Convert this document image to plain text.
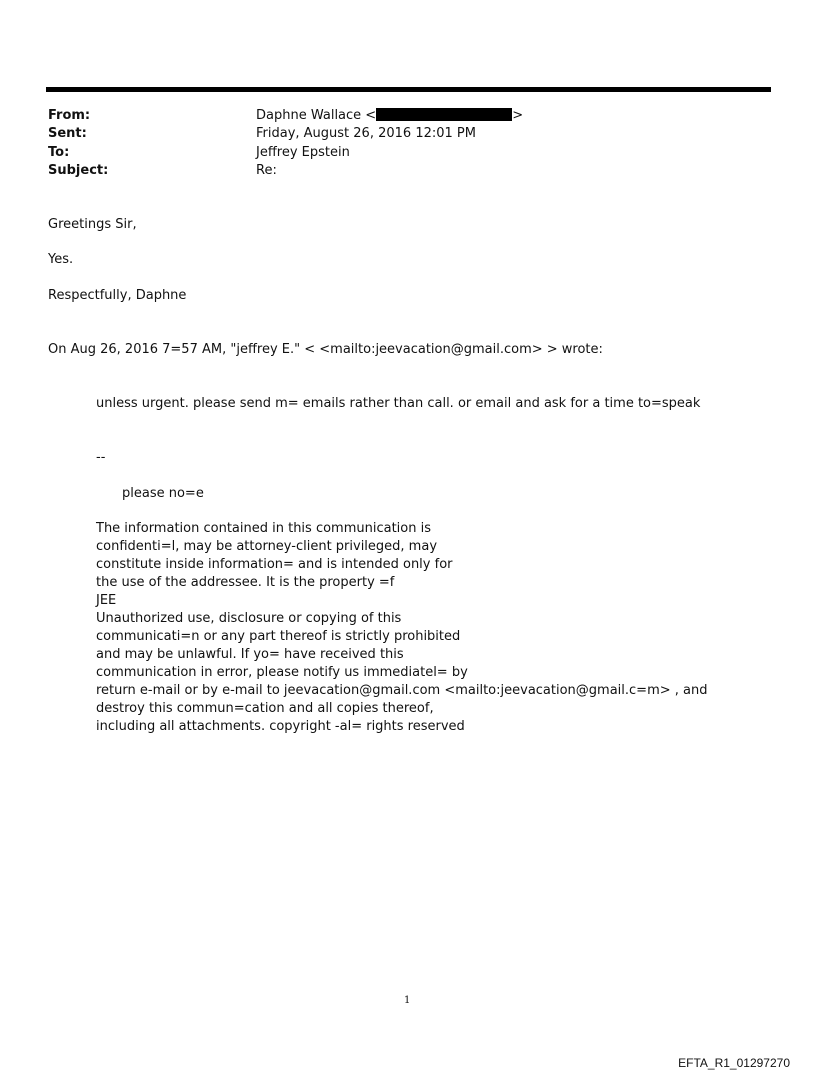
From:	Daphne Wallace <	>
Sent:	Friday, August 26, 2016 12:01 PM
To:	Jeffrey Epstein
Subject:	Re:
Greetings Sir,
Yes.
Respectfully, Daphne
On Aug 26, 2016 7=57 AM, "jeffrey E." < <mailto:jeevacation@gmail.com> > wrote:
unless urgent. please send m= emails rather than call. or email and ask for a time to=speak
--
please no=e
The information contained in this communication is
confidenti=l, may be attorney-client privileged, may
constitute inside information= and is intended only for
the use of the addressee. It is the property =f
JEE
Unauthorized use, disclosure or copying of this
communicati=n or any part thereof is strictly prohibited
and may be unlawful. If yo= have received this
communication in error, please notify us immediatel= by
return e-mail or by e-mail to jeevacation@gmail.com <mailto:jeevacation@gmail.c=m> , and
destroy this commun=cation and all copies thereof,
including all attachments. copyright -al= rights reserved
1
EFTA_R1_01297270
